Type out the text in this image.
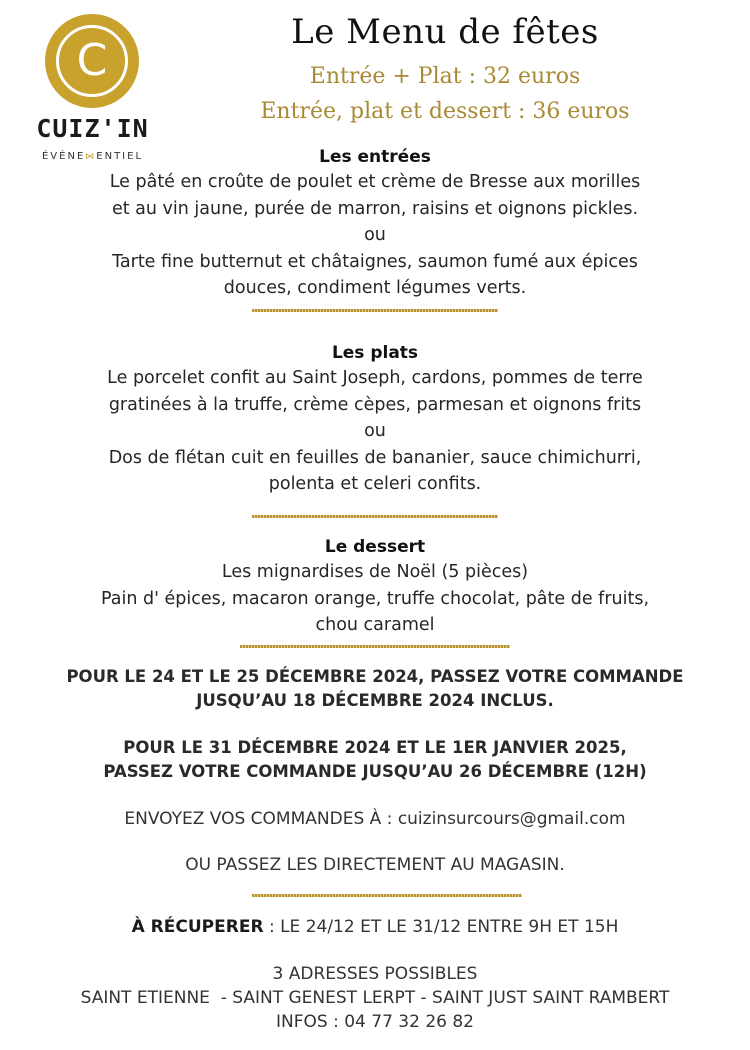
C
CUIZ'IN
ÉVÉNE⋈ENTIEL
Le Menu de fêtes
Entrée + Plat : 32 euros
Entrée, plat et dessert : 36 euros
Les entrées

Le pâté en croûte de poulet et crème de Bresse aux morilles

et au vin jaune, purée de marron, raisins et oignons pickles.

ou

Tarte fine butternut et châtaignes, saumon fumé aux épices

douces, condiment légumes verts.

Les plats

Le porcelet confit au Saint Joseph, cardons, pommes de terre

gratinées à la truffe, crème cèpes, parmesan et oignons frits

ou

Dos de flétan cuit en feuilles de bananier, sauce chimichurri,

polenta et celeri confits.

Le dessert

Les mignardises de Noël (5 pièces)

Pain d' épices, macaron orange, truffe chocolat, pâte de fruits,

chou caramel

POUR LE 24 ET LE 25 DÉCEMBRE 2024, PASSEZ VOTRE COMMANDE
JUSQU’AU 18 DÉCEMBRE 2024 INCLUS.
POUR LE 31 DÉCEMBRE 2024 ET LE 1ER JANVIER 2025,
PASSEZ VOTRE COMMANDE JUSQU’AU 26 DÉCEMBRE (12H)
ENVOYEZ VOS COMMANDES À : cuizinsurcours@gmail.com
OU PASSEZ LES DIRECTEMENT AU MAGASIN.
À RÉCUPERER : LE 24/12 ET LE 31/12 ENTRE 9H ET 15H
3 ADRESSES POSSIBLES
SAINT ETIENNE  - SAINT GENEST LERPT - SAINT JUST SAINT RAMBERT
INFOS : 04 77 32 26 82
